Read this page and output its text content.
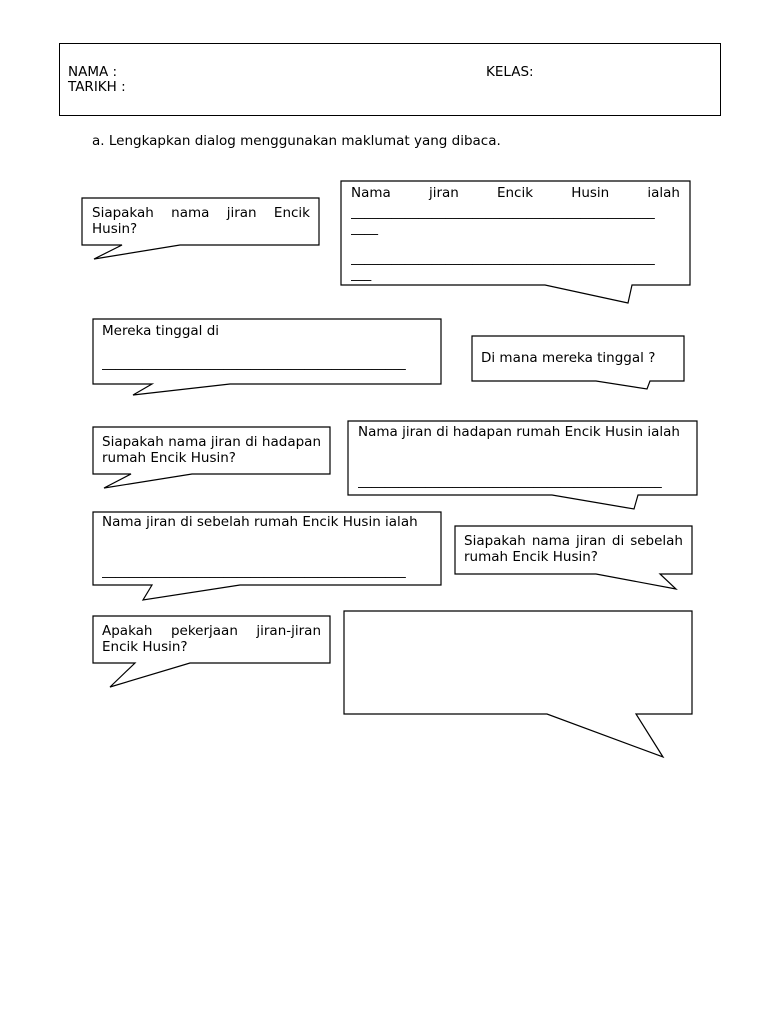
NAMA :
TARIKH :
KELAS:
a. Lengkapkan dialog menggunakan maklumat yang dibaca.
Siapakah nama jiran Encik Husin?
Nama jiran Encik Husin ialah
_____________________________________________
____
_____________________________________________
___
Mereka tinggal di
_____________________________________________	Di mana mereka tinggal ?
Siapakah nama jiran di hadapan rumah Encik Husin?
Nama jiran di hadapan rumah Encik Husin ialah
_____________________________________________
Nama jiran di sebelah rumah Encik Husin ialah
_____________________________________________
Siapakah nama jiran di sebelah rumah Encik Husin?
Apakah pekerjaan jiran-jiran Encik Husin?
